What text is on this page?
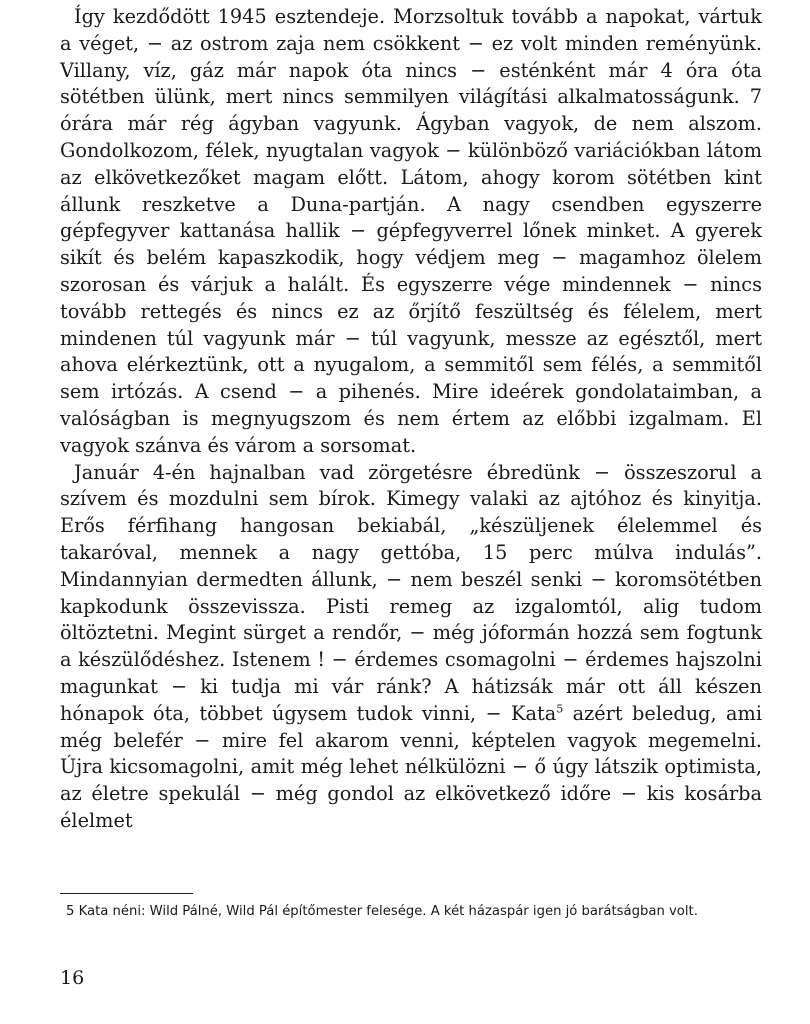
Így kezdődött 1945 esztendeje. Morzsoltuk tovább a napokat, vártuk a véget, − az ostrom zaja nem csökkent − ez volt minden reményünk. Villany, víz, gáz már napok óta nincs − esténként már 4 óra óta sötétben ülünk, mert nincs semmilyen világítási alkalmatosságunk. 7 órára már rég ágyban vagyunk. Ágyban vagyok, de nem alszom. Gondolkozom, félek, nyugtalan vagyok − különböző variációkban látom az elkövetkezőket magam előtt. Látom, ahogy korom sötétben kint állunk reszketve a Duna-partján. A nagy csendben egyszerre gépfegyver kattanása hallik − gépfegyverrel lőnek minket. A gyerek sikít és belém kapaszkodik, hogy védjem meg − magamhoz ölelem szorosan és várjuk a halált. És egyszerre vége mindennek − nincs tovább rettegés és nincs ez az őrjítő feszültség és félelem, mert mindenen túl vagyunk már − túl vagyunk, messze az egésztől, mert ahova elérkeztünk, ott a nyugalom, a semmitől sem félés, a semmitől sem irtózás. A csend − a pihenés. Mire ideérek gondolataimban, a valóságban is megnyugszom és nem értem az előbbi izgalmam. El vagyok szánva és várom a sorsomat.

Január 4-én hajnalban vad zörgetésre ébredünk − összeszorul a szívem és mozdulni sem bírok. Kimegy valaki az ajtóhoz és kinyitja. Erős férfihang hangosan bekiabál, „készüljenek élelemmel és takaróval, mennek a nagy gettóba, 15 perc múlva indulás”. Mindannyian dermedten állunk, − nem beszél senki − koromsötétben kapkodunk összevissza. Pisti remeg az izgalomtól, alig tudom öltöztetni. Megint sürget a rendőr, − még jóformán hozzá sem fogtunk a készülődéshez. Istenem ! − érdemes csomagolni − érdemes hajszolni magunkat − ki tudja mi vár ránk? A hátizsák már ott áll készen hónapok óta, többet úgysem tudok vinni, − Kata$^5$ azért beledug, ami még belefér − mire fel akarom venni, képtelen vagyok megemelni. Újra kicsomagolni, amit még lehet nélkülözni − ő úgy látszik optimista, az életre spekulál − még gondol az elkövetkező időre − kis kosárba élelmet

5 Kata néni: Wild Pálné, Wild Pál építőmester felesége. A két házaspár igen jó barátságban volt.

16
